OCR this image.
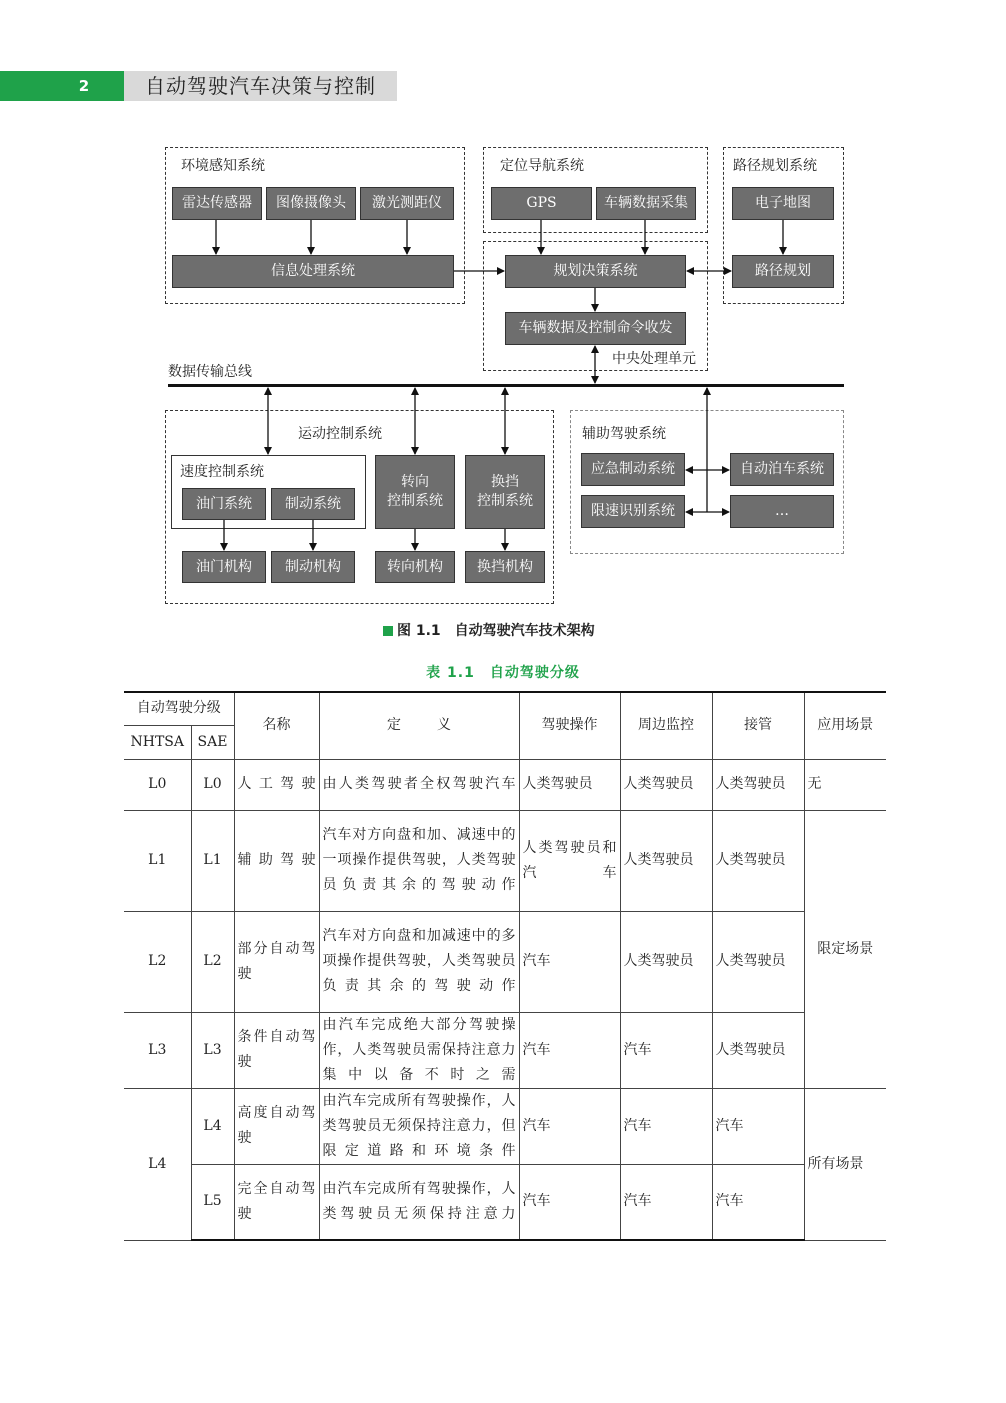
2	自动驾驶汽车决策与控制
环境感知系统	定位导航系统	路径规划系统
中央处理单元
运动控制系统	辅助驾驶系统
速度控制系统
数据传输总线
雷达传感器	图像摄像头	激光测距仪
信息处理系统
GPS	车辆数据采集	电子地图
路径规划
规划决策系统
车辆数据及控制命令收发
油门系统	制动系统
转向
控制系统
换挡
控制系统
油门机构	制动机构	转向机构	换挡机构
应急制动系统	自动泊车系统
限速识别系统	…
图 1.1　自动驾驶汽车技术架构
表 1.1　自动驾驶分级
自动驾驶分级		名称	定 义	驾驶操作	周边监控	接管	应用场景
NHTSA	SAE						
L0	L0	人工驾驶	由人类驾驶者全权驾驶汽车	人类驾驶员	人类驾驶员	人类驾驶员	无
L1	L1	辅助驾驶	汽车对方向盘和加、减速中的一项操作提供驾驶，人类驾驶员负责其余的驾驶动作	人类驾驶员和汽车	人类驾驶员	人类驾驶员	限定场景
L2	L2	部分自动驾驶	汽车对方向盘和加减速中的多项操作提供驾驶，人类驾驶员负责其余的驾驶动作	汽车	人类驾驶员	人类驾驶员	
L3	L3	条件自动驾驶	由汽车完成绝大部分驾驶操作，人类驾驶员需保持注意力集中以备不时之需	汽车	汽车	人类驾驶员	
L4	L4	高度自动驾驶	由汽车完成所有驾驶操作，人类驾驶员无须保持注意力，但限定道路和环境条件	汽车	汽车	汽车	所有场景
	L5	完全自动驾驶	由汽车完成所有驾驶操作，人类驾驶员无须保持注意力	汽车	汽车	汽车	
